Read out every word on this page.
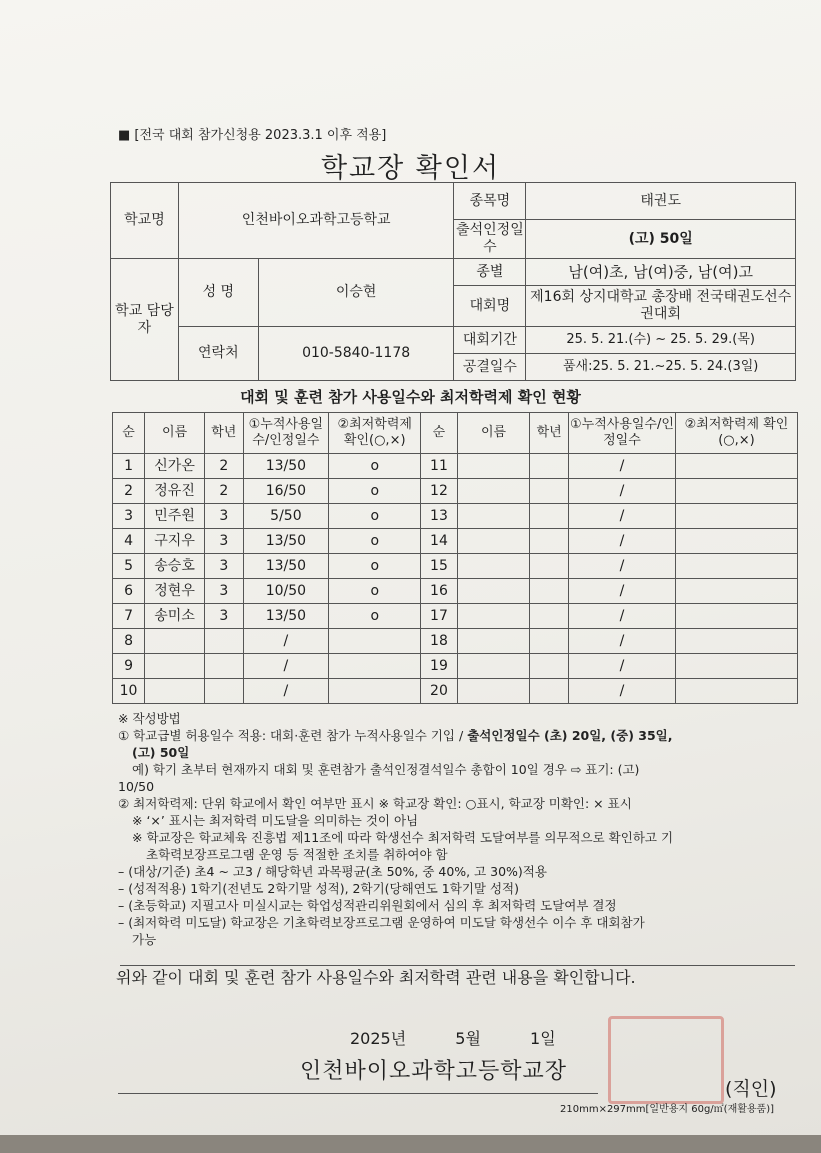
■ [전국 대회 참가신청용 2023.3.1 이후 적용]
학교장 확인서
학교명	인천바이오과학고등학교		종목명	태권도
			출석인정일수	(고) 50일
학교 담당자	성 명	이승현	종별	남(여)초, 남(여)중, 남(여)고
			대회명	제16회 상지대학교 총장배 전국태권도선수권대회
	연락처	010-5840-1178	대회기간	25. 5. 21.(수) ~ 25. 5. 29.(목)
			공결일수	품새:25. 5. 21.~25. 5. 24.(3일)
대회 및 훈련 참가 사용일수와 최저학력제 확인 현황
순	이름	학년	①누적사용일수/인정일수	②최저학력제 확인(○,×)	순	이름	학년	①누적사용일수/인정일수	②최저학력제 확인(○,×)
1	신가온	2	13/50	o	11			/	
2	정유진	2	16/50	o	12			/	
3	민주원	3	5/50	o	13			/	
4	구지우	3	13/50	o	14			/	
5	송승호	3	13/50	o	15			/	
6	정현우	3	10/50	o	16			/	
7	송미소	3	13/50	o	17			/	
8			/		18			/	
9			/		19			/	
10			/		20			/	
※ 작성방법
① 학교급별 허용일수 적용: 대회·훈련 참가 누적사용일수 기입 / 출석인정일수 (초) 20일, (중) 35일,
(고) 50일
예) 학기 초부터 현재까지 대회 및 훈련참가 출석인정결석일수 총합이 10일 경우 ⇨ 표기: (고)
10/50
② 최저학력제: 단위 학교에서 확인 여부만 표시 ※ 학교장 확인: ○표시, 학교장 미확인: × 표시
※ ‘×’ 표시는 최저학력 미도달을 의미하는 것이 아님
※ 학교장은 학교체육 진흥법 제11조에 따라 학생선수 최저학력 도달여부를 의무적으로 확인하고 기
초학력보장프로그램 운영 등 적절한 조치를 취하여야 함
– (대상/기준) 초4 ~ 고3 / 해당학년 과목평균(초 50%, 중 40%, 고 30%)적용
– (성적적용) 1학기(전년도 2학기말 성적), 2학기(당해연도 1학기말 성적)
– (초등학교) 지필고사 미실시교는 학업성적관리위원회에서 심의 후 최저학력 도달여부 결정
– (최저학력 미도달) 학교장은 기초학력보장프로그램 운영하여 미도달 학생선수 이수 후 대회참가
가능
위와 같이 대회 및 훈련 참가 사용일수와 최저학력 관련 내용을 확인합니다.
2025년	5월	1일
인천바이오과학고등학교장
(직인)
210mm×297mm[일반용지 60g/㎡(재활용품)]
